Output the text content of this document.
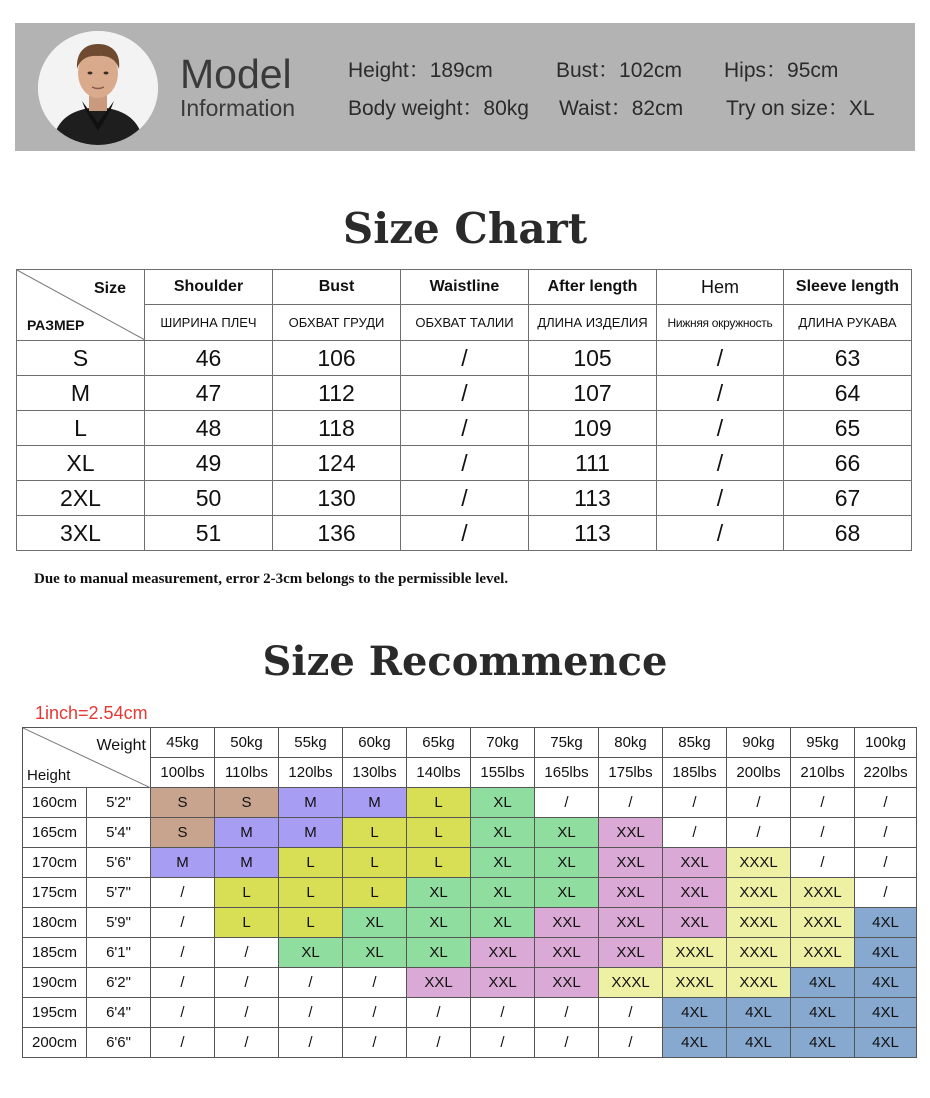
Model
Information
Height：189cm	Bust：102cm Hips：95cm
Body weight：80kg Waist：82cm Try on size：XL
Size Chart
Size
РАЗМЕР	Shoulder	Bust	Waistline	After length	Hem	Sleeve length
	ШИРИНА ПЛЕЧ	ОБХВАТ ГРУДИ	ОБХВАТ ТАЛИИ	ДЛИНА ИЗДЕЛИЯ	Нижняя окружность	ДЛИНА РУКАВА
S	46	106	/	105	/	63
M	47	112	/	107	/	64
L	48	118	/	109	/	65
XL	49	124	/	111	/	66
2XL	50	130	/	113	/	67
3XL	51	136	/	113	/	68
Due to manual measurement, error 2-3cm belongs to the permissible level.
Size Recommence
1inch=2.54cm
Weight
Height		45kg	50kg	55kg	60kg	65kg	70kg	75kg	80kg	85kg	90kg	95kg	100kg
		100lbs	110lbs	120lbs	130lbs	140lbs	155lbs	165lbs	175lbs	185lbs	200lbs	210lbs	220lbs
160cm	5'2"	S	S	M	M	L	XL	/	/	/	/	/	/
165cm	5'4"	S	M	M	L	L	XL	XL	XXL	/	/	/	/
170cm	5'6"	M	M	L	L	L	XL	XL	XXL	XXL	XXXL	/	/
175cm	5'7"	/	L	L	L	XL	XL	XL	XXL	XXL	XXXL	XXXL	/
180cm	5'9"	/	L	L	XL	XL	XL	XXL	XXL	XXL	XXXL	XXXL	4XL
185cm	6'1"	/	/	XL	XL	XL	XXL	XXL	XXL	XXXL	XXXL	XXXL	4XL
190cm	6'2"	/	/	/	/	XXL	XXL	XXL	XXXL	XXXL	XXXL	4XL	4XL
195cm	6'4"	/	/	/	/	/	/	/	/	4XL	4XL	4XL	4XL
200cm	6'6"	/	/	/	/	/	/	/	/	4XL	4XL	4XL	4XL
